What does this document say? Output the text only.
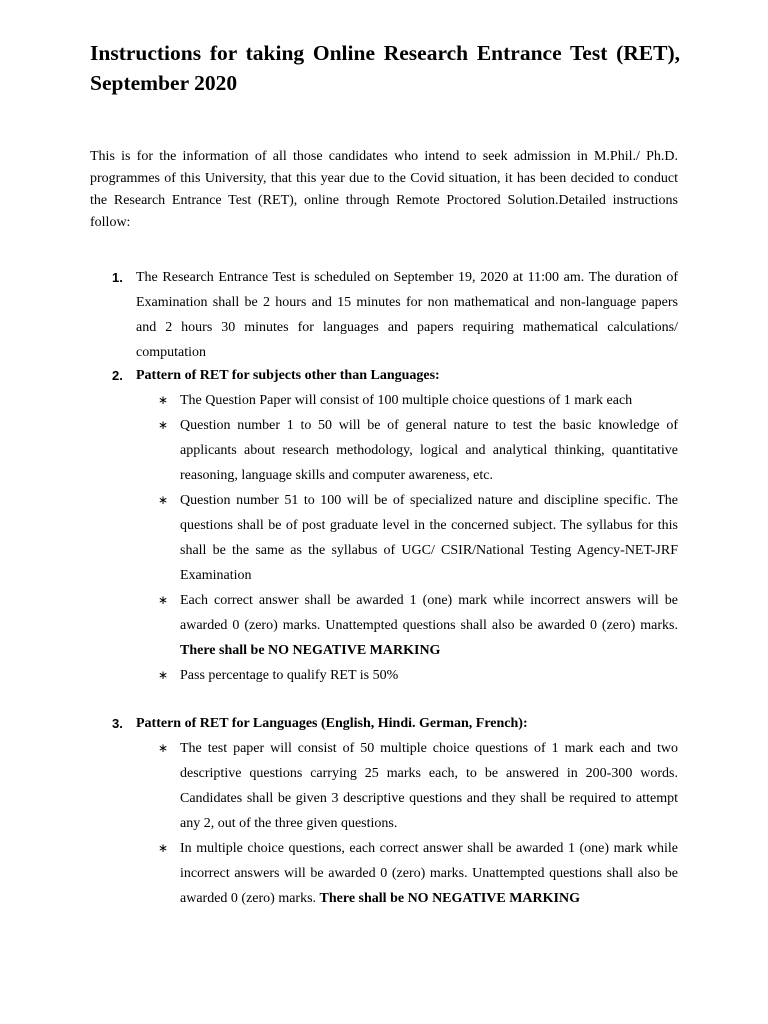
Instructions for taking Online Research Entrance Test (RET), September 2020

This is for the information of all those candidates who intend to seek admission in M.Phil./ Ph.D. programmes of this University, that this year due to the Covid situation, it has been decided to conduct the Research Entrance Test (RET), online through Remote Proctored Solution.Detailed instructions follow:

1. The Research Entrance Test is scheduled on September 19, 2020 at 11:00 am. The duration of Examination shall be 2 hours and 15 minutes for non mathematical and non-language papers and 2 hours 30 minutes for languages and papers requiring mathematical calculations/ computation
2. Pattern of RET for subjects other than Languages:
∗ The Question Paper will consist of 100 multiple choice questions of 1 mark each
∗ Question number 1 to 50 will be of general nature to test the basic knowledge of applicants about research methodology, logical and analytical thinking, quantitative reasoning, language skills and computer awareness, etc.
∗ Question number 51 to 100 will be of specialized nature and discipline specific. The questions shall be of post graduate level in the concerned subject. The syllabus for this shall be the same as the syllabus of UGC/ CSIR/National Testing Agency-NET-JRF Examination
∗ Each correct answer shall be awarded 1 (one) mark while incorrect answers will be awarded 0 (zero) marks. Unattempted questions shall also be awarded 0 (zero) marks. There shall be NO NEGATIVE MARKING
∗ Pass percentage to qualify RET is 50%
3. Pattern of RET for Languages (English, Hindi. German, French):
∗ The test paper will consist of 50 multiple choice questions of 1 mark each and two descriptive questions carrying 25 marks each, to be answered in 200-300 words. Candidates shall be given 3 descriptive questions and they shall be required to attempt any 2, out of the three given questions.
∗ In multiple choice questions, each correct answer shall be awarded 1 (one) mark while incorrect answers will be awarded 0 (zero) marks. Unattempted questions shall also be awarded 0 (zero) marks. There shall be NO NEGATIVE MARKING
